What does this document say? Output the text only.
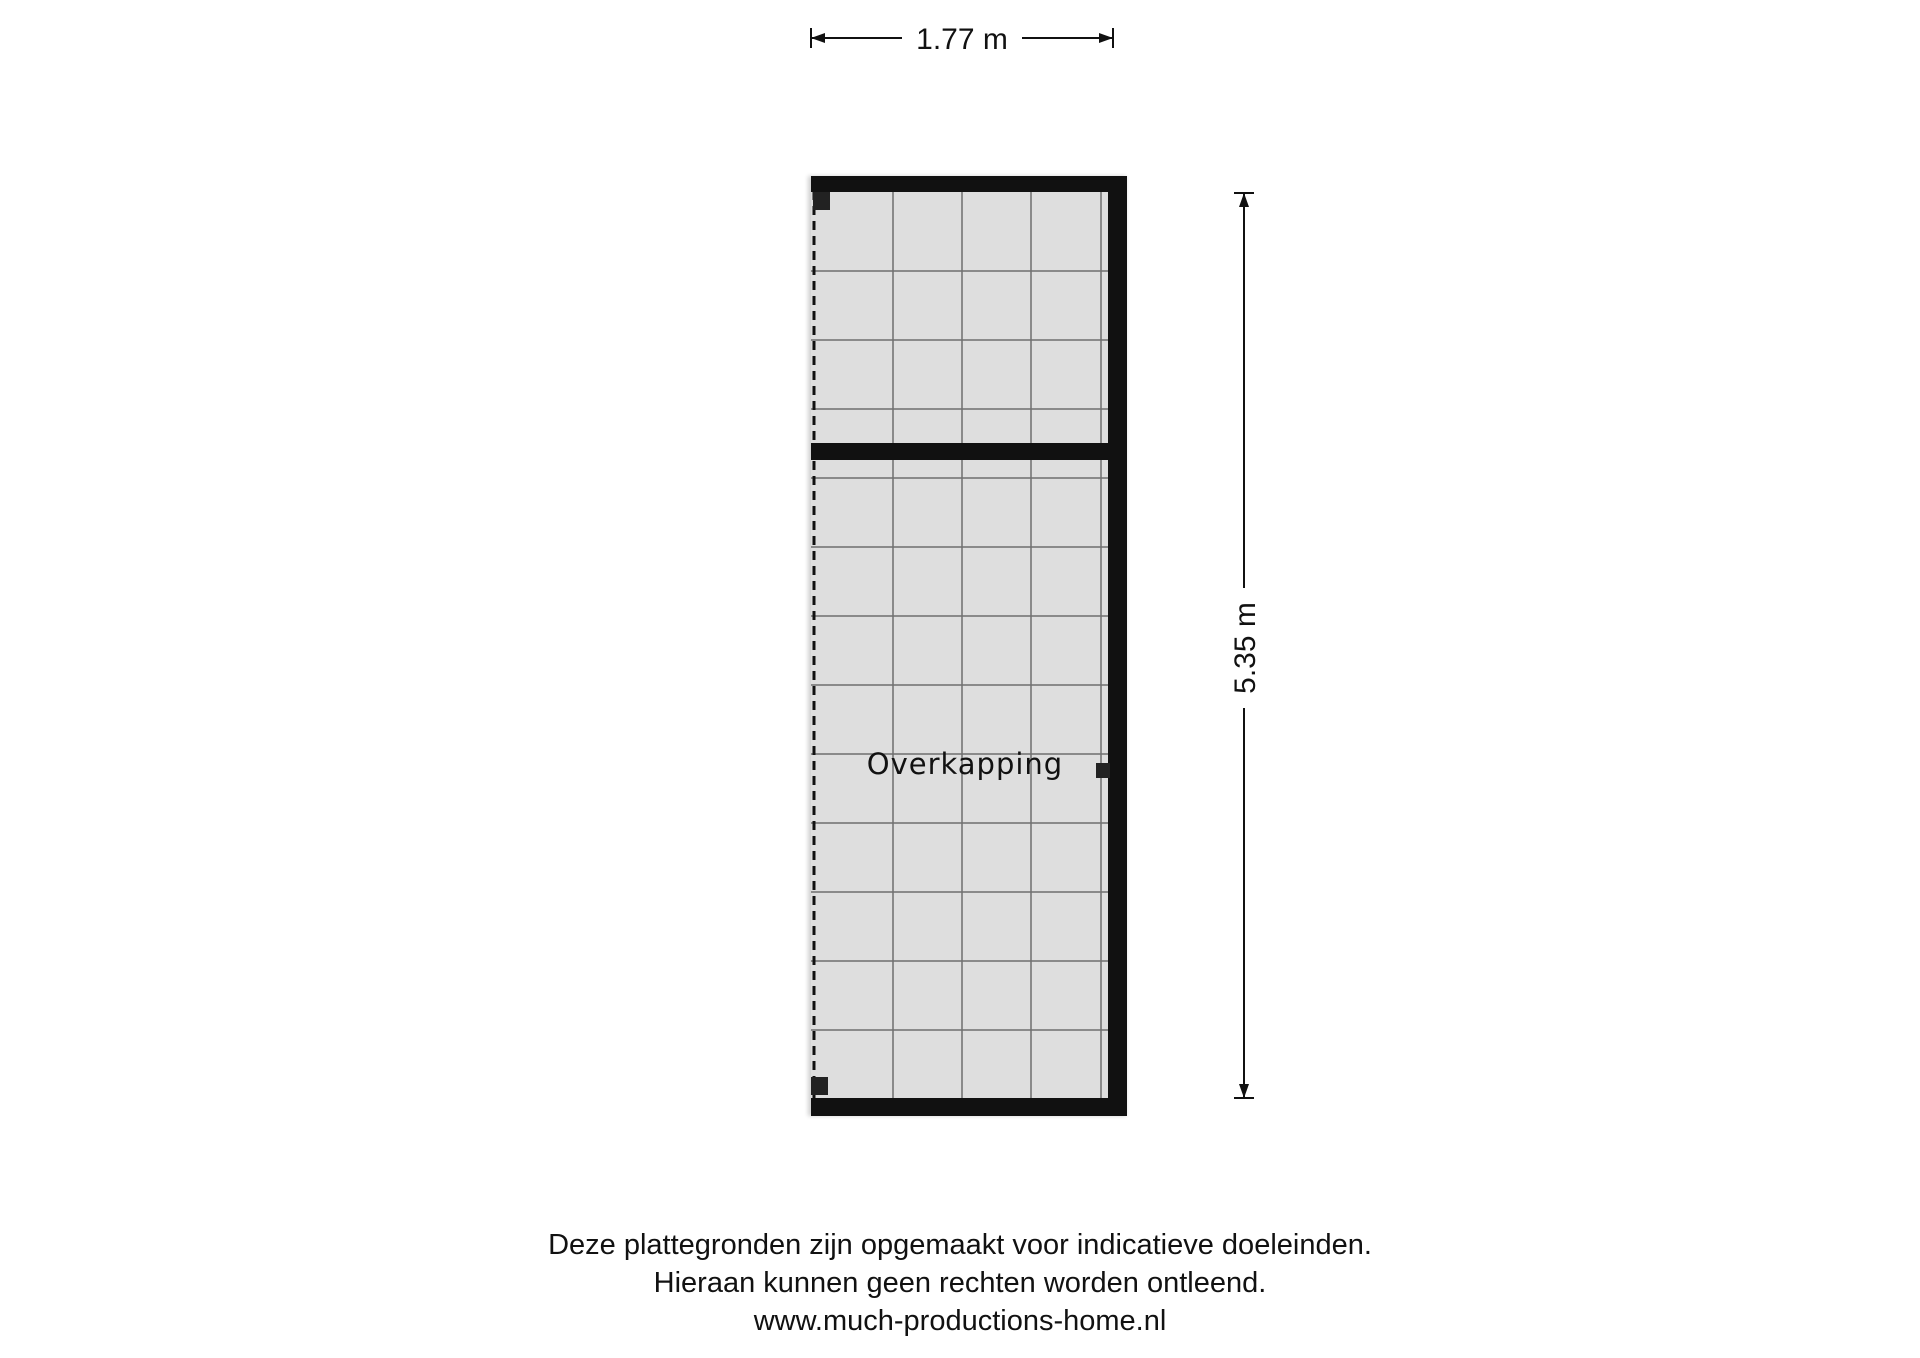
1.77 m
5.35 m
Overkapping
Deze plattegronden zijn opgemaakt voor indicatieve doeleinden.
Hieraan kunnen geen rechten worden ontleend.
www.much-productions-home.nl
